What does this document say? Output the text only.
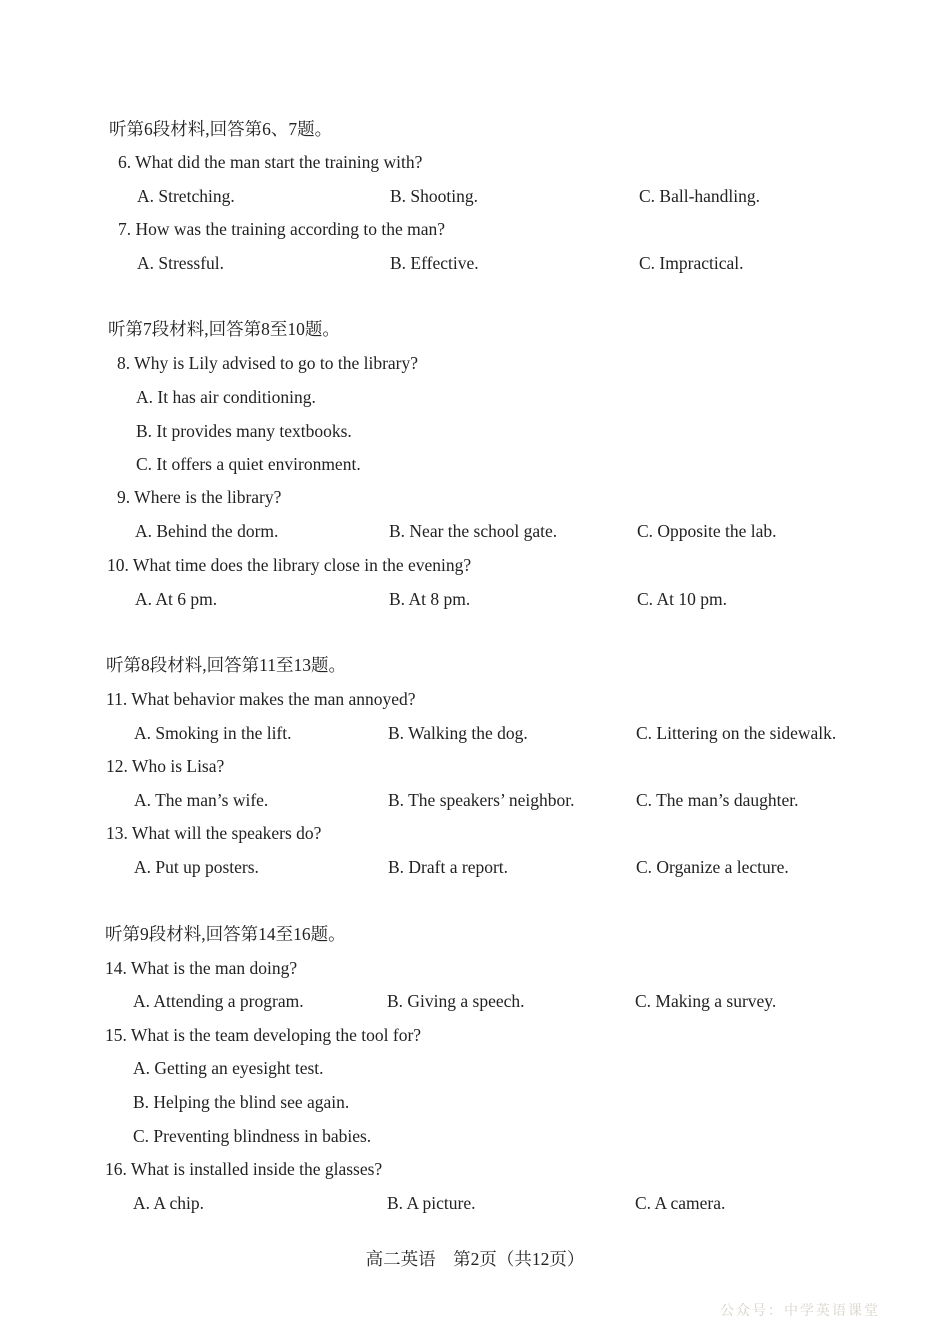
听第6段材料,回答第6、7题。
6. What did the man start the training with?
A. Stretching.	B. Shooting.	C. Ball-handling.
7. How was the training according to the man?
A. Stressful.	B. Effective.	C. Impractical.
听第7段材料,回答第8至10题。
8. Why is Lily advised to go to the library?
A. It has air conditioning.
B. It provides many textbooks.
C. It offers a quiet environment.
9. Where is the library?
A. Behind the dorm.	B. Near the school gate.	C. Opposite the lab.
10. What time does the library close in the evening?
A. At 6 pm.	B. At 8 pm.	C. At 10 pm.
听第8段材料,回答第11至13题。
11. What behavior makes the man annoyed?
A. Smoking in the lift.	B. Walking the dog.	C. Littering on the sidewalk.
12. Who is Lisa?
A. The man’s wife.	B. The speakers’ neighbor.	C. The man’s daughter.
13. What will the speakers do?
A. Put up posters.	B. Draft a report.	C. Organize a lecture.
听第9段材料,回答第14至16题。
14. What is the man doing?
A. Attending a program.	B. Giving a speech.	C. Making a survey.
15. What is the team developing the tool for?
A. Getting an eyesight test.
B. Helping the blind see again.
C. Preventing blindness in babies.
16. What is installed inside the glasses?
A. A chip.	B. A picture.	C. A camera.
高二英语　第2页（共12页）
公众号：中学英语课堂
